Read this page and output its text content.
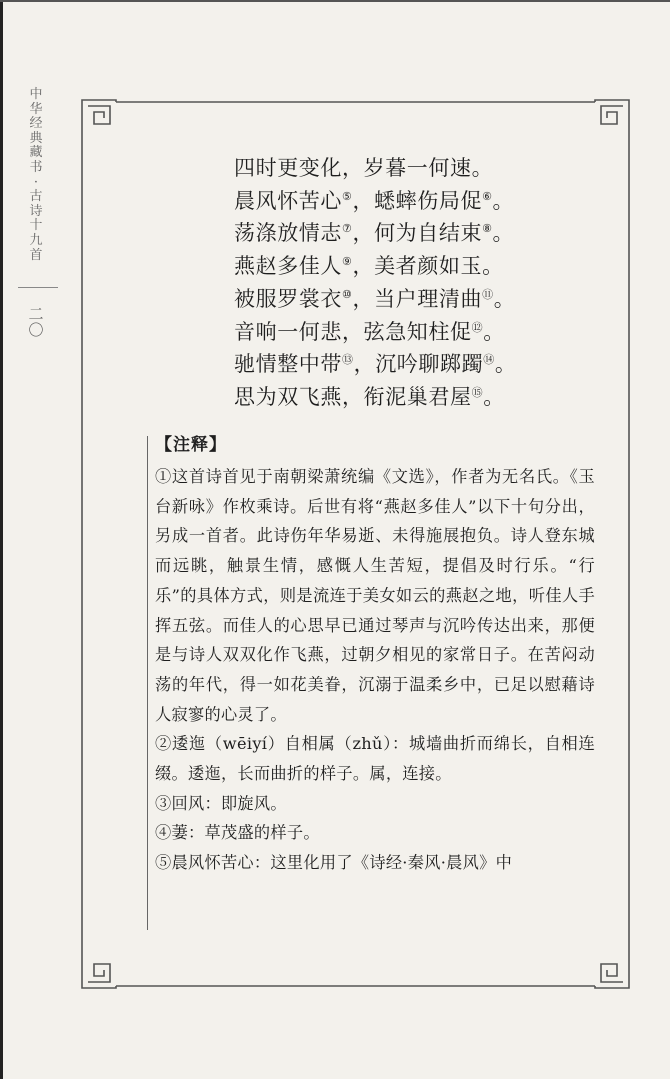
中华经典藏书·古诗十九首
二〇
四时更变化，岁暮一何速。
晨风怀苦心⑤，蟋蟀伤局促⑥。
荡涤放情志⑦，何为自结束⑧。
燕赵多佳人⑨，美者颜如玉。
被服罗裳衣⑩，当户理清曲⑪。
音响一何悲，弦急知柱促⑫。
驰情整中带⑬，沉吟聊踯躅⑭。
思为双飞燕，衔泥巢君屋⑮。
【注释】
①这首诗首见于南朝梁萧统编《文选》，作者为无名氏。《玉台新咏》作枚乘诗。后世有将“燕赵多佳人”以下十句分出，另成一首者。此诗伤年华易逝、未得施展抱负。诗人登东城而远眺，触景生情，感慨人生苦短，提倡及时行乐。“行乐”的具体方式，则是流连于美女如云的燕赵之地，听佳人手挥五弦。而佳人的心思早已通过琴声与沉吟传达出来，那便是与诗人双双化作飞燕，过朝夕相见的家常日子。在苦闷动荡的年代，得一如花美眷，沉溺于温柔乡中，已足以慰藉诗人寂寥的心灵了。
②逶迤（wēiyí）自相属（zhǔ）：城墙曲折而绵长，自相连缀。逶迤，长而曲折的样子。属，连接。
③回风：即旋风。
④萋：草茂盛的样子。
⑤晨风怀苦心：这里化用了《诗经·秦风·晨风》中
